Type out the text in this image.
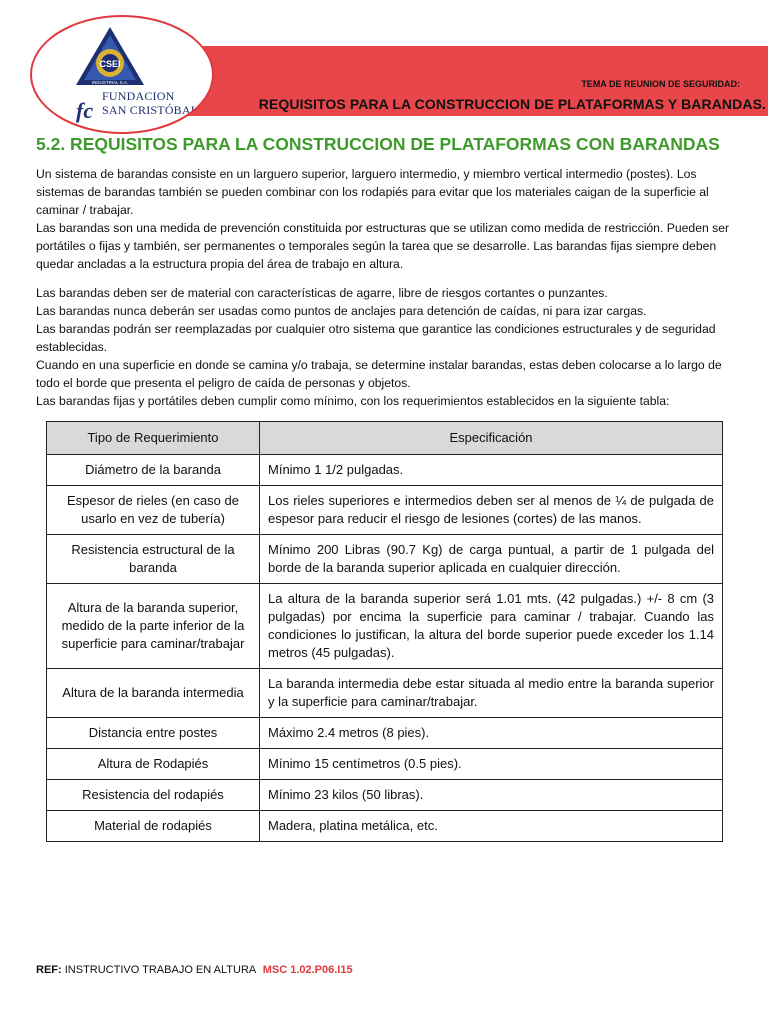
CSEI
INDUSTRIAL S.A.
fc
FUNDACION
SAN CRISTÓBAL
TEMA DE REUNION DE SEGURIDAD:
REQUISITOS PARA LA CONSTRUCCION DE PLATAFORMAS Y BARANDAS.
5.2. REQUISITOS PARA LA CONSTRUCCION DE PLATAFORMAS CON BARANDAS

Un sistema de barandas consiste en un larguero superior, larguero intermedio, y miembro vertical intermedio (postes). Los sistemas de barandas también se pueden combinar con los rodapiés para evitar que los materiales caigan de la superficie al caminar / trabajar.

Las barandas son una medida de prevención constituida por estructuras que se utilizan como medida de restricción. Pueden ser portátiles o fijas y también, ser permanentes o temporales según la tarea que se desarrolle. Las barandas fijas siempre deben quedar ancladas a la estructura propia del área de trabajo en altura.

Las barandas deben ser de material con características de agarre, libre de riesgos cortantes o punzantes.

Las barandas nunca deberán ser usadas como puntos de anclajes para detención de caídas, ni para izar cargas.

Las barandas podrán ser reemplazadas por cualquier otro sistema que garantice las condiciones estructurales y de seguridad establecidas.

Cuando en una superficie en donde se camina y/o trabaja, se determine instalar barandas, estas deben colocarse a lo largo de todo el borde que presenta el peligro de caída de personas y objetos.

Las barandas fijas y portátiles deben cumplir como mínimo, con los requerimientos establecidos en la siguiente tabla:

Tipo de Requerimiento	Especificación
Diámetro de la baranda	Mínimo 1 1/2 pulgadas.
Espesor de rieles (en caso de usarlo en vez de tubería)	Los rieles superiores e intermedios deben ser al menos de ¼ de pulgada de espesor para reducir el riesgo de lesiones (cortes) de las manos.
Resistencia estructural de la baranda	Mínimo 200 Libras (90.7 Kg) de carga puntual, a partir de 1 pulgada del borde de la baranda superior aplicada en cualquier dirección.
Altura de la baranda superior, medido de la parte inferior de la superficie para caminar/trabajar	La altura de la baranda superior será 1.01 mts. (42 pulgadas.) +/- 8 cm (3 pulgadas) por encima la superficie para caminar / trabajar. Cuando las condiciones lo justifican, la altura del borde superior puede exceder los 1.14 metros (45 pulgadas).
Altura de la baranda intermedia	La baranda intermedia debe estar situada al medio entre la baranda superior y la superficie para caminar/trabajar.
Distancia entre postes	Máximo 2.4 metros (8 pies).
Altura de Rodapiés	Mínimo 15 centímetros (0.5 pies).
Resistencia del rodapiés	Mínimo 23 kilos (50 libras).
Material de rodapiés	Madera, platina metálica, etc.
REF: INSTRUCTIVO TRABAJO EN ALTURA MSC 1.02.P06.I15
